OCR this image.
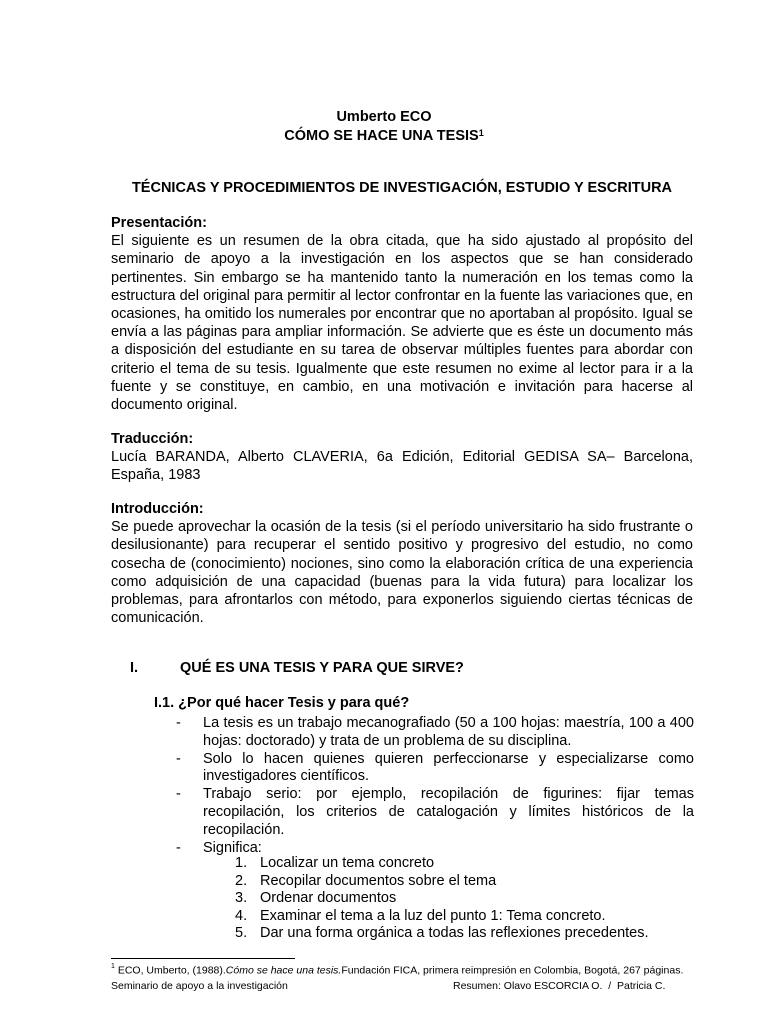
Umberto ECO
CÓMO SE HACE UNA TESIS$^1$
TÉCNICAS Y PROCEDIMIENTOS DE INVESTIGACIÓN, ESTUDIO Y ESCRITURA
Presentación:
El siguiente es un resumen de la obra citada, que ha sido ajustado al propósito del seminario de apoyo a la investigación en los aspectos que se han considerado pertinentes. Sin embargo se ha mantenido tanto la numeración en los temas como la estructura del original para permitir al lector confrontar en la fuente las variaciones que, en ocasiones, ha omitido los numerales por encontrar que no aportaban al propósito. Igual se envía a las páginas para ampliar información. Se advierte que es éste un documento más a disposición del estudiante en su tarea de observar múltiples fuentes para abordar con criterio el tema de su tesis. Igualmente que este resumen no exime al lector para ir a la fuente y se constituye, en cambio, en una motivación e invitación para hacerse al documento original.
Traducción:
Lucía BARANDA, Alberto CLAVERIA, 6a Edición, Editorial GEDISA SA– Barcelona, España, 1983
Introducción:
Se puede aprovechar la ocasión de la tesis (si el período universitario ha sido frustrante o desilusionante) para recuperar el sentido positivo y progresivo del estudio, no como cosecha de (conocimiento) nociones, sino como la elaboración crítica de una experiencia como adquisición de una capacidad (buenas para la vida futura) para localizar los problemas, para afrontarlos con método, para exponerlos siguiendo ciertas técnicas de comunicación.
I.	QUÉ ES UNA TESIS Y PARA QUE SIRVE?
I.1. ¿Por qué hacer Tesis y para qué?
- La tesis es un trabajo mecanografiado (50 a 100 hojas: maestría, 100 a 400 hojas: doctorado) y trata de un problema de su disciplina.
- Solo lo hacen quienes quieren perfeccionarse y especializarse como investigadores científicos.
- Trabajo serio: por ejemplo, recopilación de figurines: fijar temas recopilación, los criterios de catalogación y límites históricos de la recopilación.
- Significa:
1. Localizar un tema concreto
2. Recopilar documentos sobre el tema
3. Ordenar documentos
4. Examinar el tema a la luz del punto 1: Tema concreto.
5. Dar una forma orgánica a todas las reflexiones precedentes.
$^1$ ECO, Umberto, (1988).Cómo se hace una tesis.Fundación FICA, primera reimpresión en Colombia, Bogotá, 267 páginas.
Seminario de apoyo a la investigación	Resumen: Olavo ESCORCIA O.  /  Patricia C.
